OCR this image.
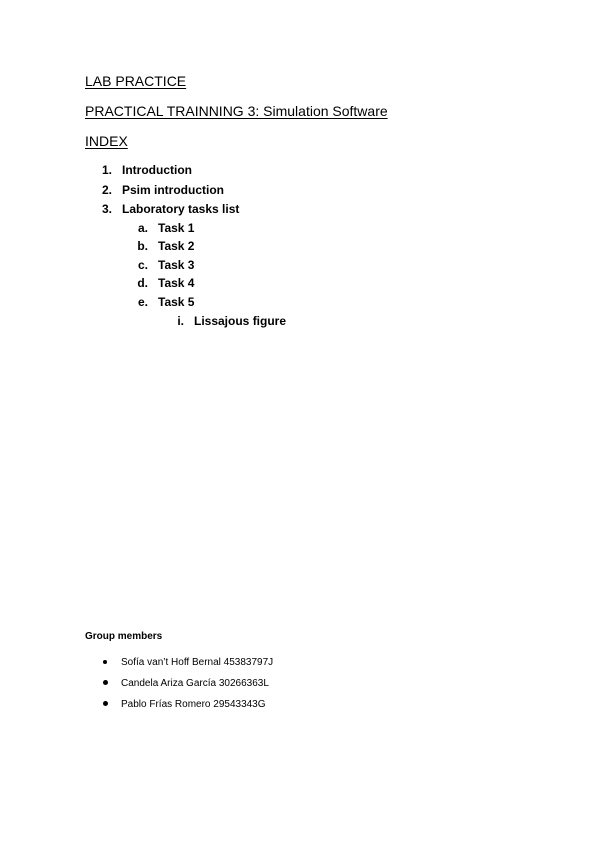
LAB PRACTICE
PRACTICAL TRAINNING 3: Simulation Software
INDEX
1. Introduction
2. Psim introduction
3. Laboratory tasks list
a. Task 1
b. Task 2
c. Task 3
d. Task 4
e. Task 5
i. Lissajous figure
Group members
Sofía van’t Hoff Bernal 45383797J
Candela Ariza García 30266363L
Pablo Frías Romero 29543343G
